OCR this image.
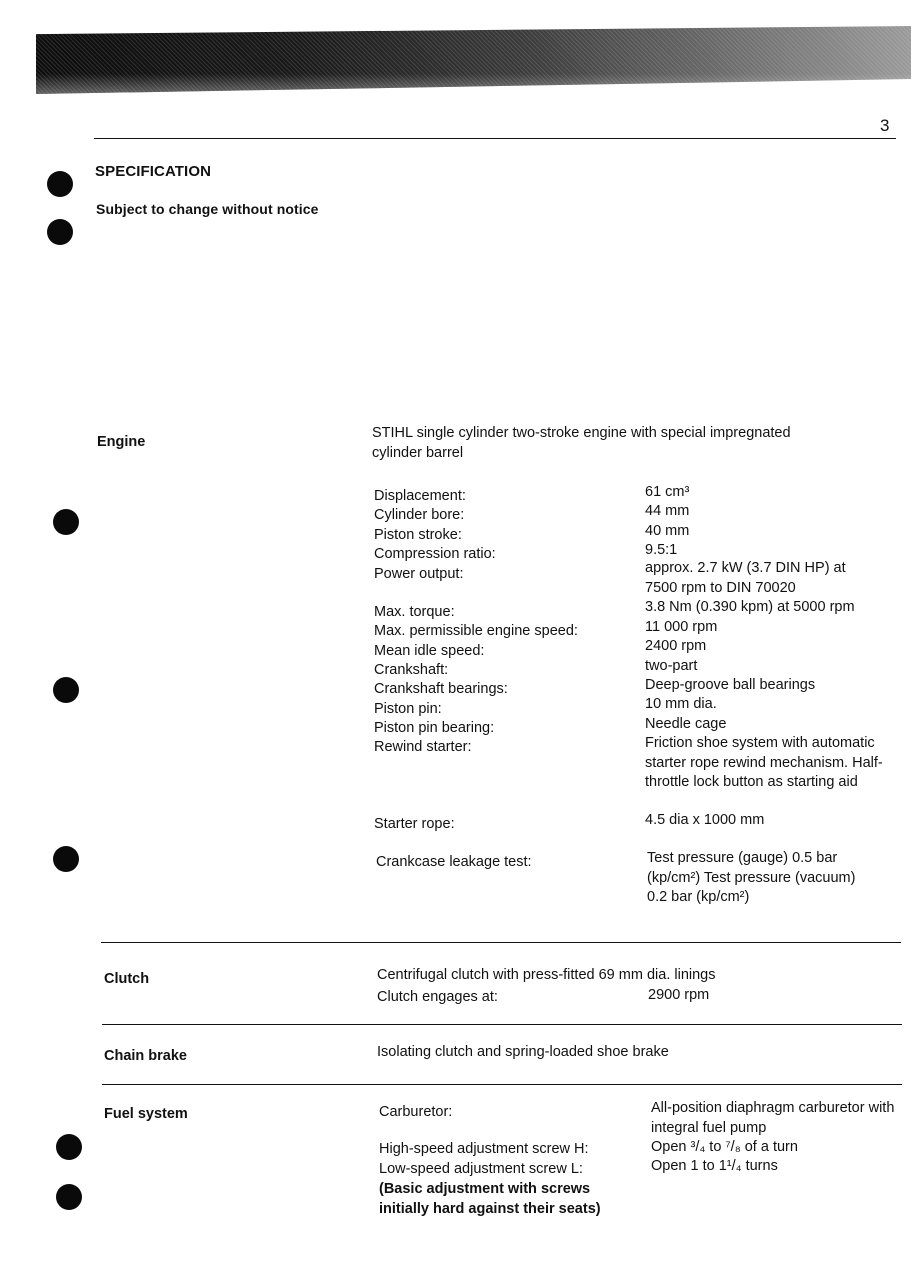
3
SPECIFICATION
Subject to change without notice
Engine
STIHL single cylinder two-stroke engine with special impregnated cylinder barrel
Displacement:	61 cm³
Cylinder bore:	44 mm
Piston stroke:	40 mm
Compression ratio:	9.5:1
Power output:	approx. 2.7 kW (3.7 DIN HP) at 7500 rpm to DIN 70020
Max. torque:	3.8 Nm (0.390 kpm) at 5000 rpm
Max. permissible engine speed:	11 000 rpm
Mean idle speed:	2400 rpm
Crankshaft:	two-part
Crankshaft bearings:	Deep-groove ball bearings
Piston pin:	10 mm dia.
Piston pin bearing:	Needle cage
Rewind starter:	Friction shoe system with automatic starter rope rewind mechanism. Half-throttle lock button as starting aid
Starter rope:	4.5 dia x 1000 mm
Crankcase leakage test:	Test pressure (gauge) 0.5 bar (kp/cm²) Test pressure (vacuum) 0.2 bar (kp/cm²)
Clutch	Centrifugal clutch with press-fitted 69 mm dia. linings
Clutch engages at:	2900 rpm
Chain brake	Isolating clutch and spring-loaded shoe brake
Fuel system	Carburetor:	All-position diaphragm carburetor with integral fuel pump
High-speed adjustment screw H:	Open ³/₄ to ⁷/₈ of a turn
Low-speed adjustment screw L:	Open 1 to 1¹/₄ turns
(Basic adjustment with screws initially hard against their seats)
